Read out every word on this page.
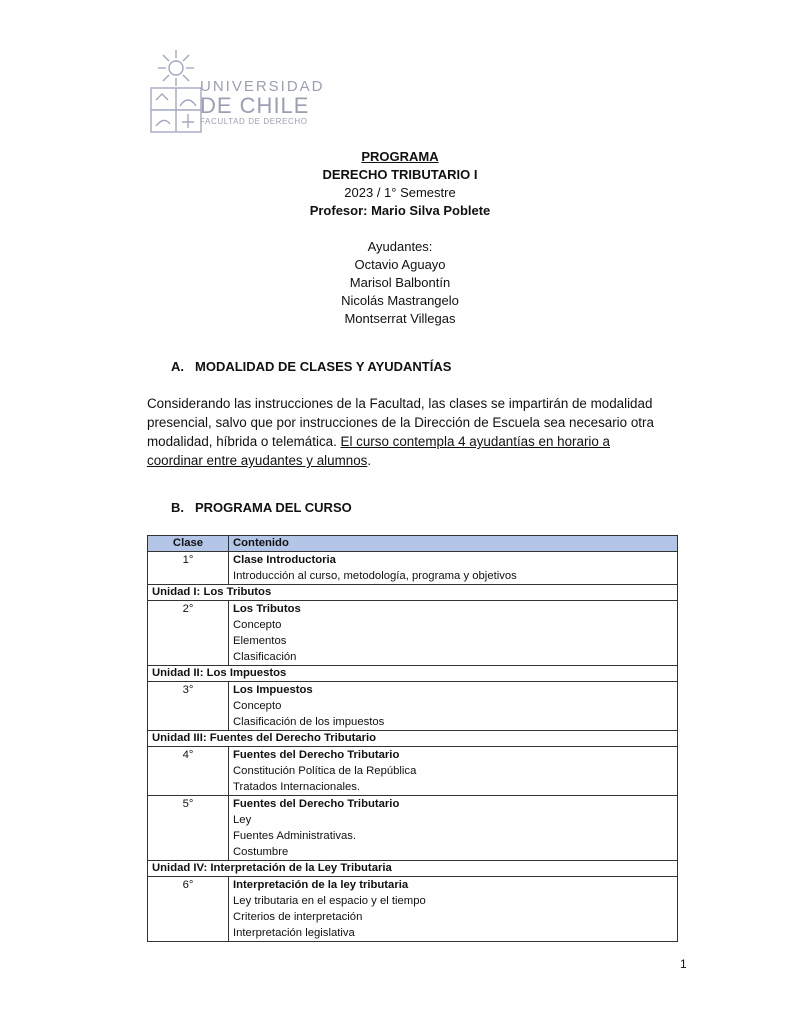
UNIVERSIDAD
DE CHILE
FACULTAD DE DERECHO
PROGRAMA
DERECHO TRIBUTARIO I
2023 / 1° Semestre
Profesor: Mario Silva Poblete
Ayudantes:
Octavio Aguayo
Marisol Balbontín
Nicolás Mastrangelo
Montserrat Villegas
A. MODALIDAD DE CLASES Y AYUDANTÍAS
Considerando las instrucciones de la Facultad, las clases se impartirán de modalidad presencial, salvo que por instrucciones de la Dirección de Escuela sea necesario otra modalidad, híbrida o telemática. El curso contempla 4 ayudantías en horario a coordinar entre ayudantes y alumnos.
B. PROGRAMA DEL CURSO
Clase	Contenido

1°	Clase Introductoria
Introducción al curso, metodología, programa y objetivos

Unidad I: Los Tributos	

2°	Los Tributos
Concepto
Elementos
Clasificación

Unidad II: Los Impuestos	

3°	Los Impuestos
Concepto
Clasificación de los impuestos

Unidad III: Fuentes del Derecho Tributario	

4°	Fuentes del Derecho Tributario
Constitución Política de la República
Tratados Internacionales.

5°	Fuentes del Derecho Tributario
Ley
Fuentes Administrativas.
Costumbre

Unidad IV: Interpretación de la Ley Tributaria	

6°	Interpretación de la ley tributaria
Ley tributaria en el espacio y el tiempo
Criterios de interpretación
Interpretación legislativa
1
